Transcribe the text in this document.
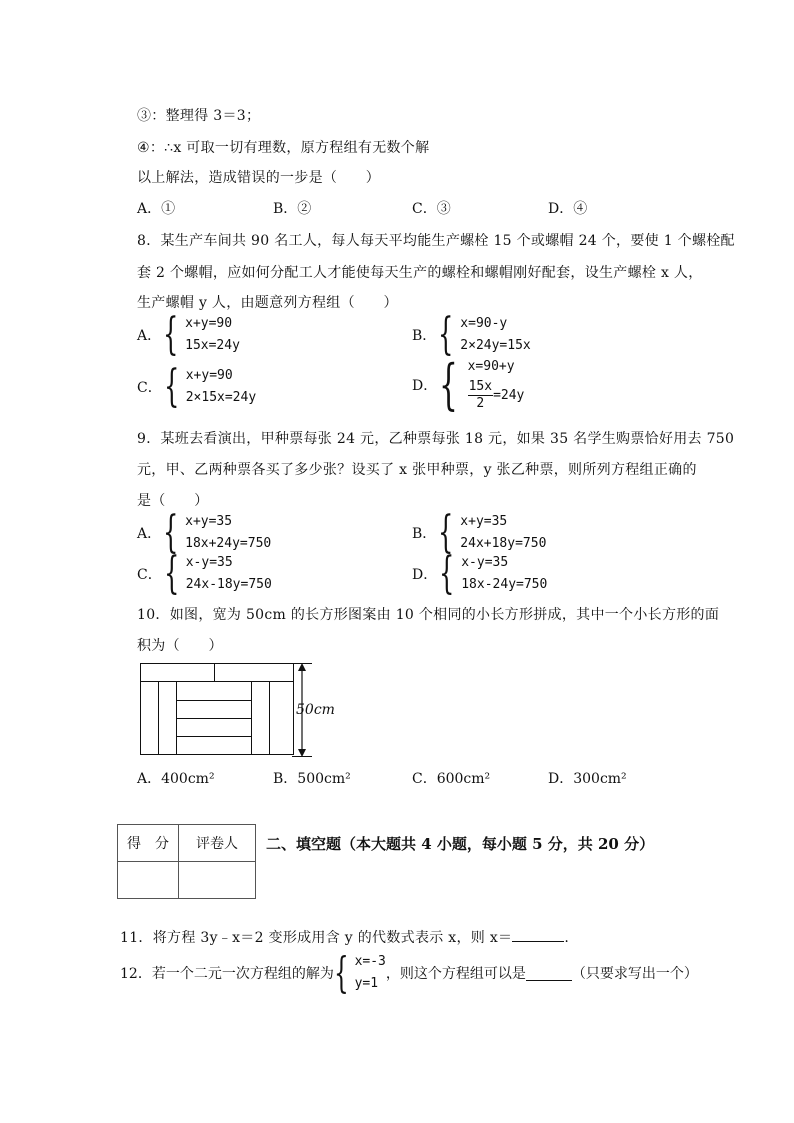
③：整理得 3＝3；
④：∴x 可取一切有理数，原方程组有无数个解
以上解法，造成错误的一步是（　　）
A．①	B．②	C．③	D．④
8．某生产车间共 90 名工人，每人每天平均能生产螺栓 15 个或螺帽 24 个，要使 1 个螺栓配
套 2 个螺帽，应如何分配工人才能使每天生产的螺栓和螺帽刚好配套，设生产螺栓 x 人，
生产螺帽 y 人，由题意列方程组（　　）
A． { x+y=90
15x=24y
B． { x=90-y
2×24y=15x
C． { x+y=90
2×15x=24y
D． { x=90+y
$\frac{15x}{2} =24y$
9．某班去看演出，甲种票每张 24 元，乙种票每张 18 元，如果 35 名学生购票恰好用去 750
元，甲、乙两种票各买了多少张？设买了 x 张甲种票，y 张乙种票，则所列方程组正确的
是（　　）
A． { x+y=35
18x+24y=750
B． { x+y=35
24x+18y=750
C． { x-y=35
24x-18y=750
D． { x-y=35
18x-24y=750
10．如图，宽为 50cm 的长方形图案由 10 个相同的小长方形拼成，其中一个小长方形的面
积为（　　）
50cm
A．400cm²	B．500cm²	C．600cm²	D．300cm²
得　分	评卷人
	二、填空题（本大题共 4 小题，每小题 5 分，共 20 分）
11．将方程 3y﹣x＝2 变形成用含 y 的代数式表示 x，则 x＝	.
12．若一个二元一次方程组的解为 { x=-3
y=1
，则这个方程组可以是	（只要求写出一个）
